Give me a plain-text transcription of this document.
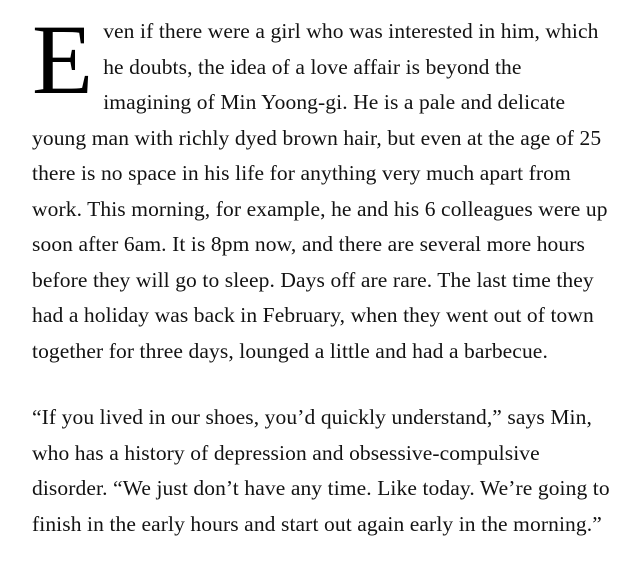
Even if there were a girl who was interested in him, which he doubts, the idea of a love affair is beyond the imagining of Min Yoong-gi. He is a pale and delicate young man with richly dyed brown hair, but even at the age of 25 there is no space in his life for anything very much apart from work. This morning, for example, he and his 6 colleagues were up soon after 6am. It is 8pm now, and there are several more hours before they will go to sleep. Days off are rare. The last time they had a holiday was back in February, when they went out of town together for three days, lounged a little and had a barbecue.

“If you lived in our shoes, you’d quickly understand,” says Min, who has a history of depression and obsessive-compulsive disorder. “We just don’t have any time. Like today. We’re going to finish in the early hours and start out again early in the morning.”
